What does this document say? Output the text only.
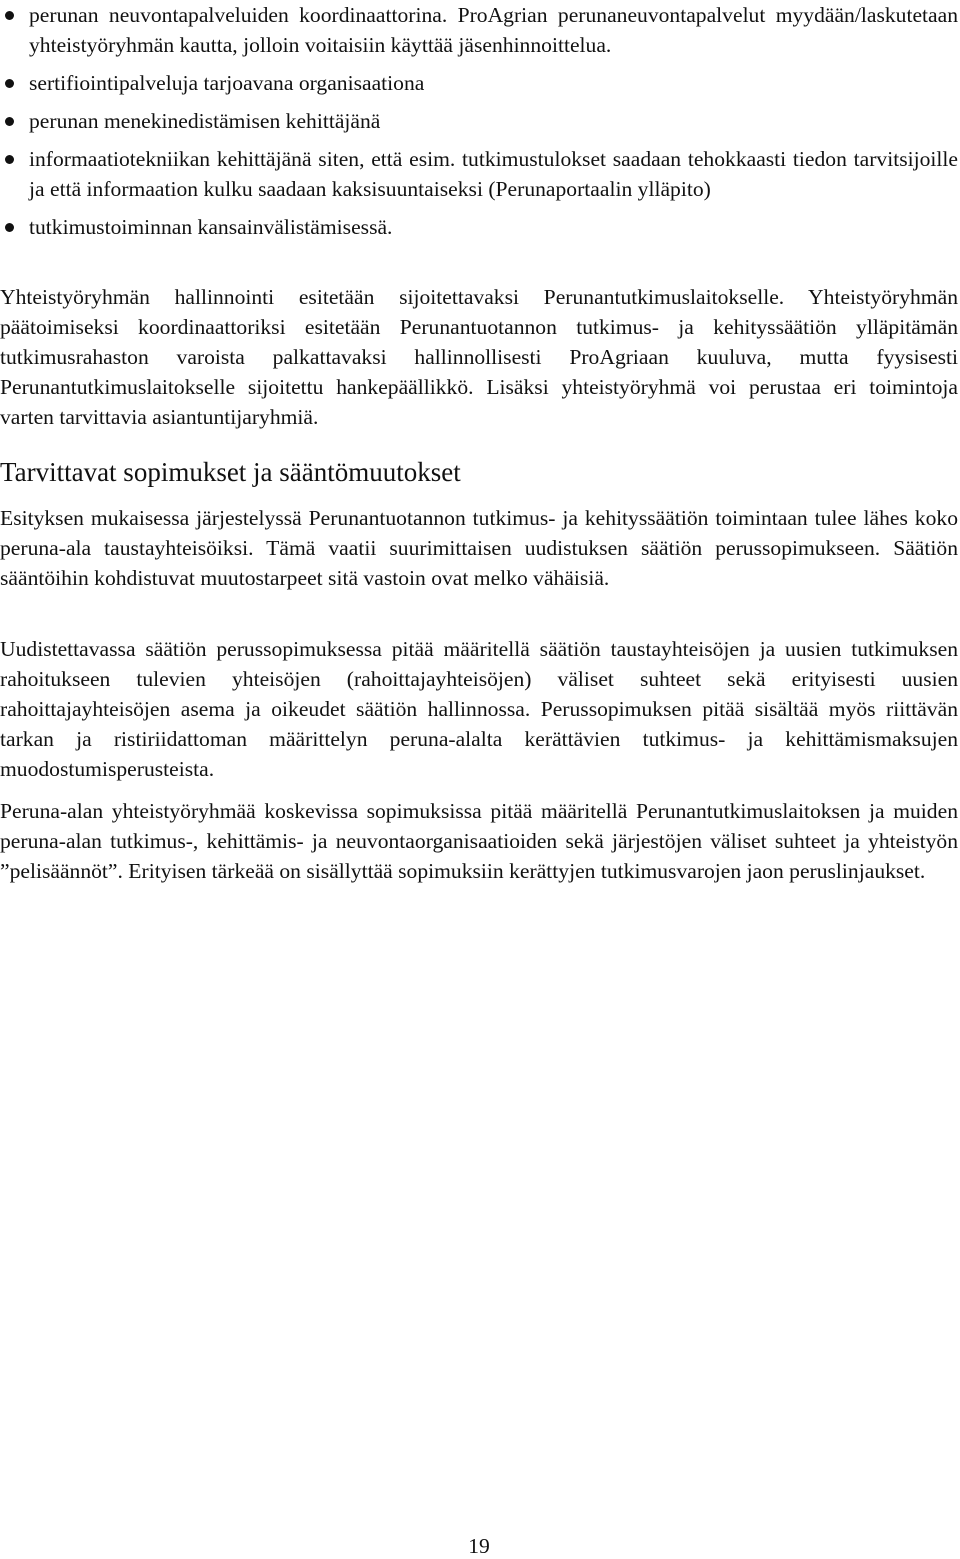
perunan neuvontapalveluiden koordinaattorina. ProAgrian perunaneuvontapalvelut myydään/laskutetaan yhteistyöryhmän kautta, jolloin voitaisiin käyttää jäsenhinnoittelua.
sertifiointipalveluja tarjoavana organisaationa
perunan menekinedistämisen kehittäjänä
informaatiotekniikan kehittäjänä siten, että esim. tutkimustulokset saadaan tehokkaasti tiedon tarvitsijoille ja että informaation kulku saadaan kaksisuuntaiseksi (Perunaportaalin ylläpito)
tutkimustoiminnan kansainvälistämisessä.

Yhteistyöryhmän hallinnointi esitetään sijoitettavaksi Perunantutkimuslaitokselle. Yhteistyöryhmän päätoimiseksi koordinaattoriksi esitetään Perunantuotannon tutkimus- ja kehityssäätiön ylläpitämän tutkimusrahaston varoista palkattavaksi hallinnollisesti ProAgriaan kuuluva, mutta fyysisesti Perunantutkimuslaitokselle sijoitettu hankepäällikkö. Lisäksi yhteistyöryhmä voi perustaa eri toimintoja varten tarvittavia asiantuntijaryhmiä.

Tarvittavat sopimukset ja sääntömuutokset

Esityksen mukaisessa järjestelyssä Perunantuotannon tutkimus- ja kehityssäätiön toimintaan tulee lähes koko peruna-ala taustayhteisöiksi. Tämä vaatii suurimittaisen uudistuksen säätiön perussopimukseen. Säätiön sääntöihin kohdistuvat muutostarpeet sitä vastoin ovat melko vähäisiä.

Uudistettavassa säätiön perussopimuksessa pitää määritellä säätiön taustayhteisöjen ja uusien tutkimuksen rahoitukseen tulevien yhteisöjen (rahoittajayhteisöjen) väliset suhteet sekä erityisesti uusien rahoittajayhteisöjen asema ja oikeudet säätiön hallinnossa. Perussopimuksen pitää sisältää myös riittävän tarkan ja ristiriidattoman määrittelyn peruna-alalta kerättävien tutkimus- ja kehittämismaksujen muodostumisperusteista.

Peruna-alan yhteistyöryhmää koskevissa sopimuksissa pitää määritellä Perunantutkimuslaitoksen ja muiden peruna-alan tutkimus-, kehittämis- ja neuvontaorganisaatioiden sekä järjestöjen väliset suhteet ja yhteistyön ”pelisäännöt”. Erityisen tärkeää on sisällyttää sopimuksiin kerättyjen tutkimusvarojen jaon peruslinjaukset.

19
